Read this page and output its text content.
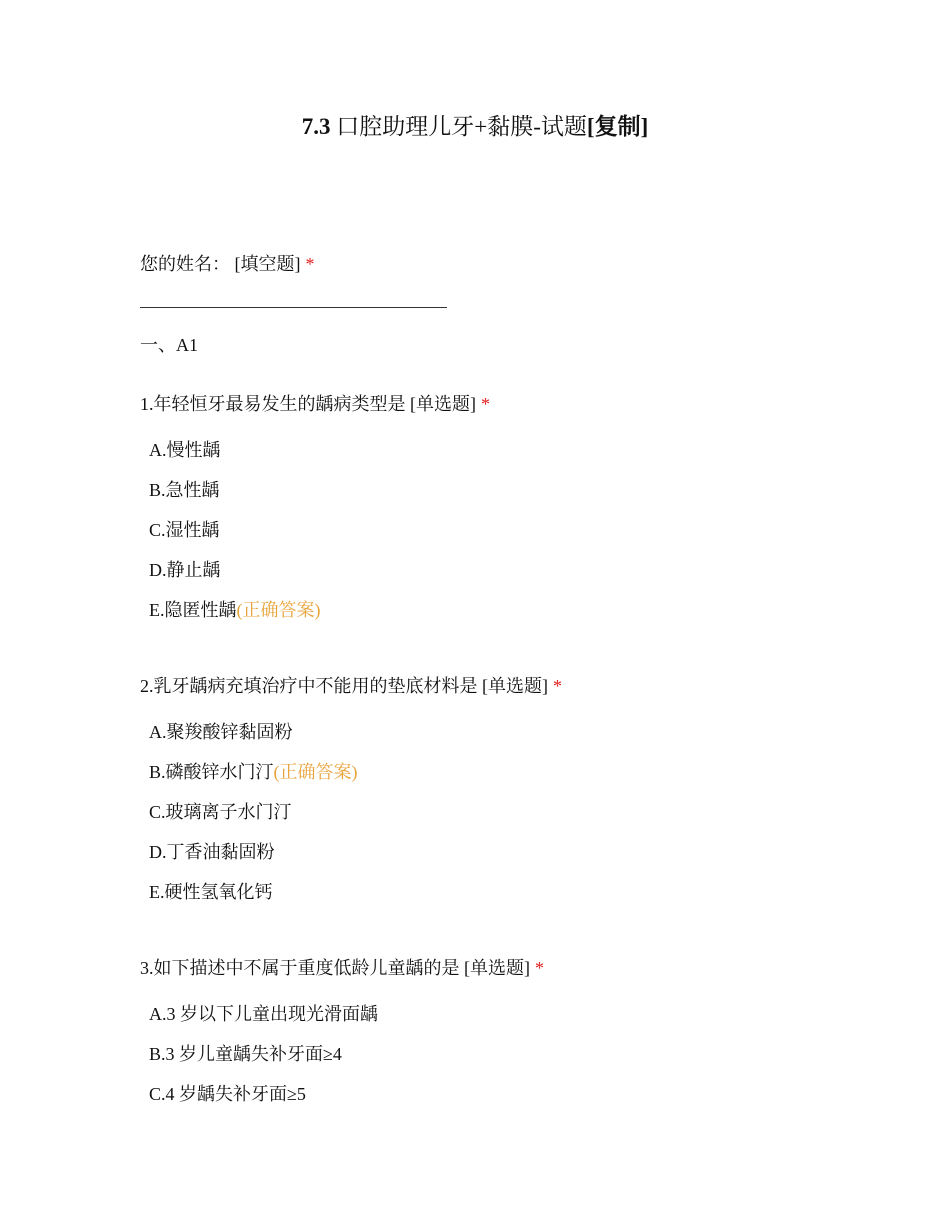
7.3 口腔助理儿牙+黏膜-试题[复制]
您的姓名： [填空题] *
一、A1
1.年轻恒牙最易发生的龋病类型是 [单选题] *
A.慢性龋
B.急性龋
C.湿性龋
D.静止龋
E.隐匿性龋(正确答案)
2.乳牙龋病充填治疗中不能用的垫底材料是 [单选题] *
A.聚羧酸锌黏固粉
B.磷酸锌水门汀(正确答案)
C.玻璃离子水门汀
D.丁香油黏固粉
E.硬性氢氧化钙
3.如下描述中不属于重度低龄儿童龋的是 [单选题] *
A.3 岁以下儿童出现光滑面龋
B.3 岁儿童龋失补牙面≥4
C.4 岁龋失补牙面≥5
